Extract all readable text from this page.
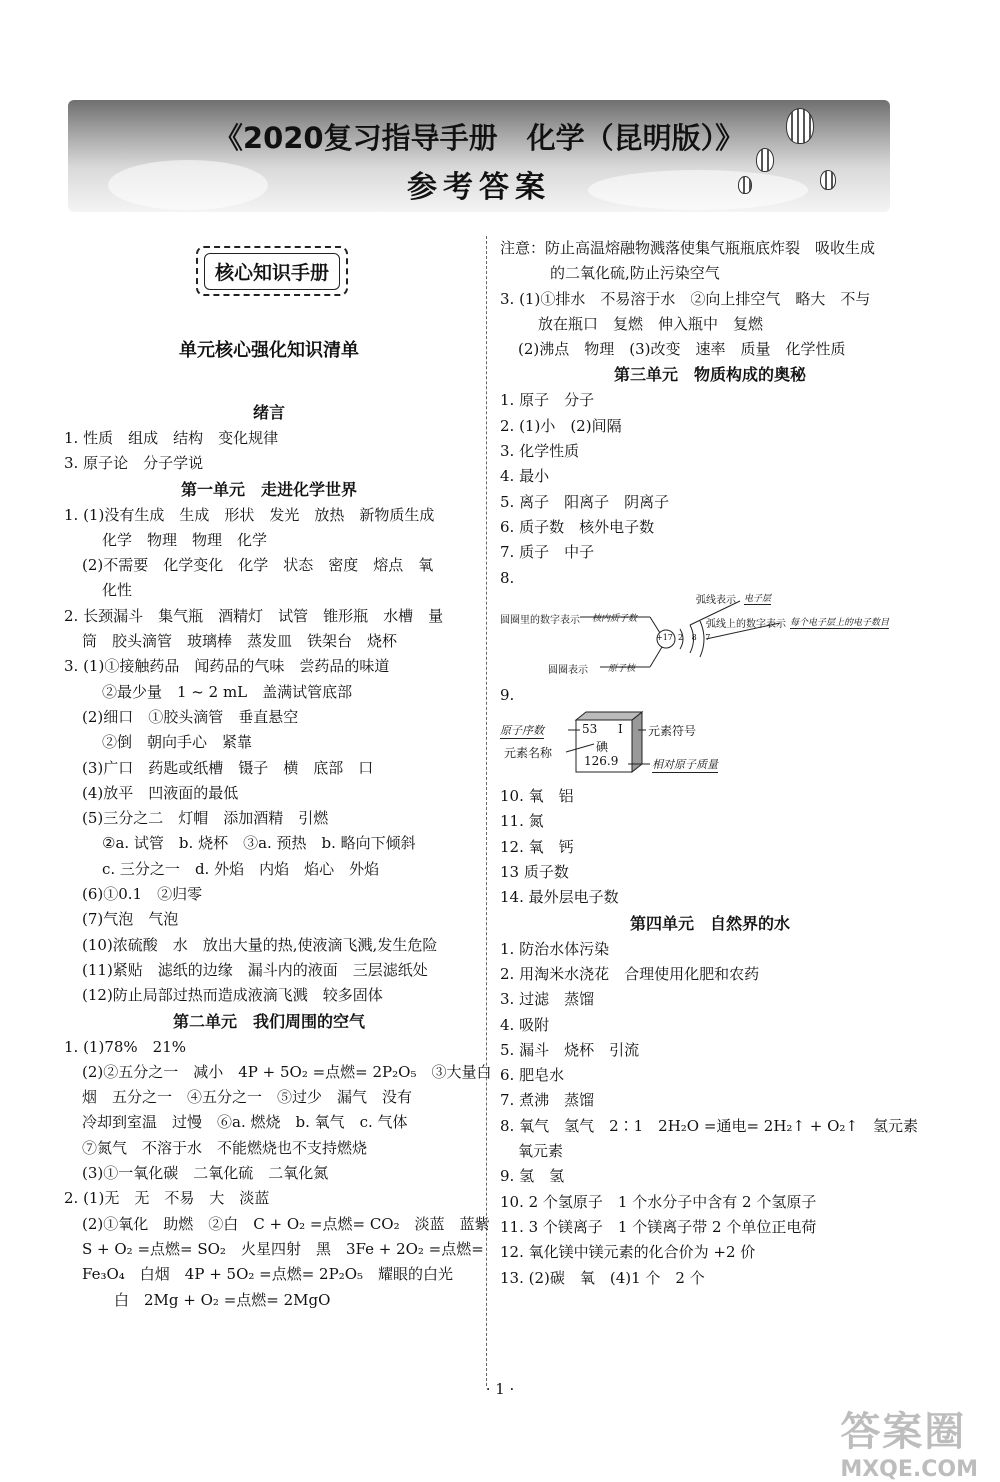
《2020复习指导手册　化学（昆明版）》
参考答案
核心知识手册
单元核心强化知识清单
绪言
1. 性质　组成　结构　变化规律
3. 原子论　分子学说
第一单元　走进化学世界
1. (1)没有生成　生成　形状　发光　放热　新物质生成
化学　物理　物理　化学
(2)不需要　化学变化　化学　状态　密度　熔点　氧
化性
2. 长颈漏斗　集气瓶　酒精灯　试管　锥形瓶　水槽　量
筒　胶头滴管　玻璃棒　蒸发皿　铁架台　烧杯
3. (1)①接触药品　闻药品的气味　尝药品的味道
②最少量　1 ~ 2 mL　盖满试管底部
(2)细口　①胶头滴管　垂直悬空
②倒　朝向手心　紧靠
(3)广口　药匙或纸槽　镊子　横　底部　口
(4)放平　凹液面的最低
(5)三分之二　灯帽　添加酒精　引燃
②a. 试管　b. 烧杯　③a. 预热　b. 略向下倾斜
c. 三分之一　d. 外焰　内焰　焰心　外焰
(6)①0.1　②归零
(7)气泡　气泡
(10)浓硫酸　水　放出大量的热,使液滴飞溅,发生危险
(11)紧贴　滤纸的边缘　漏斗内的液面　三层滤纸处
(12)防止局部过热而造成液滴飞溅　较多固体
第二单元　我们周围的空气
1. (1)78%　21%
(2)②五分之一　减小　4P + 5O₂ =点燃= 2P₂O₅　③大量白
烟　五分之一　④五分之一　⑤过少　漏气　没有
冷却到室温　过慢　⑥a. 燃烧　b. 氧气　c. 气体
⑦氮气　不溶于水　不能燃烧也不支持燃烧
(3)①一氧化碳　二氧化硫　二氧化氮
2. (1)无　无　不易　大　淡蓝
(2)①氧化　助燃　②白　C + O₂ =点燃= CO₂　淡蓝　蓝紫
S + O₂ =点燃= SO₂　火星四射　黑　3Fe + 2O₂ =点燃=
Fe₃O₄　白烟　4P + 5O₂ =点燃= 2P₂O₅　耀眼的白光
白　2Mg + O₂ =点燃= 2MgO
注意：防止高温熔融物溅落使集气瓶瓶底炸裂　吸收生成
的二氧化硫,防止污染空气
3. (1)①排水　不易溶于水　②向上排空气　略大　不与
放在瓶口　复燃　伸入瓶中　复燃
(2)沸点　物理　(3)改变　速率　质量　化学性质
第三单元　物质构成的奥秘
1. 原子　分子
2. (1)小　(2)间隔
3. 化学性质
4. 最小
5. 离子　阳离子　阴离子
6. 质子数　核外电子数
7. 质子　中子
8.
+17 2 8 7
弧线表示 电子层
弧线上的数字表示 每个电子层上的电子数目
圆圈里的数字表示 核内质子数
圆圈表示 原子核
9.
53 I
碘
126.9
原子序数	元素符号
元素名称
相对原子质量
10. 氧　铝
11. 氮
12. 氧　钙
13 质子数
14. 最外层电子数
第四单元　自然界的水
1. 防治水体污染
2. 用淘米水浇花　合理使用化肥和农药
3. 过滤　蒸馏
4. 吸附
5. 漏斗　烧杯　引流
6. 肥皂水
7. 煮沸　蒸馏
8. 氧气　氢气　2∶1　2H₂O =通电= 2H₂↑ + O₂↑　氢元素
氧元素
9. 氢　氢
10. 2 个氢原子　1 个水分子中含有 2 个氢原子
11. 3 个镁离子　1 个镁离子带 2 个单位正电荷
12. 氧化镁中镁元素的化合价为 +2 价
13. (2)碳　氧　(4)1 个　2 个
· 1 ·
答案圈
MXQE.COM
